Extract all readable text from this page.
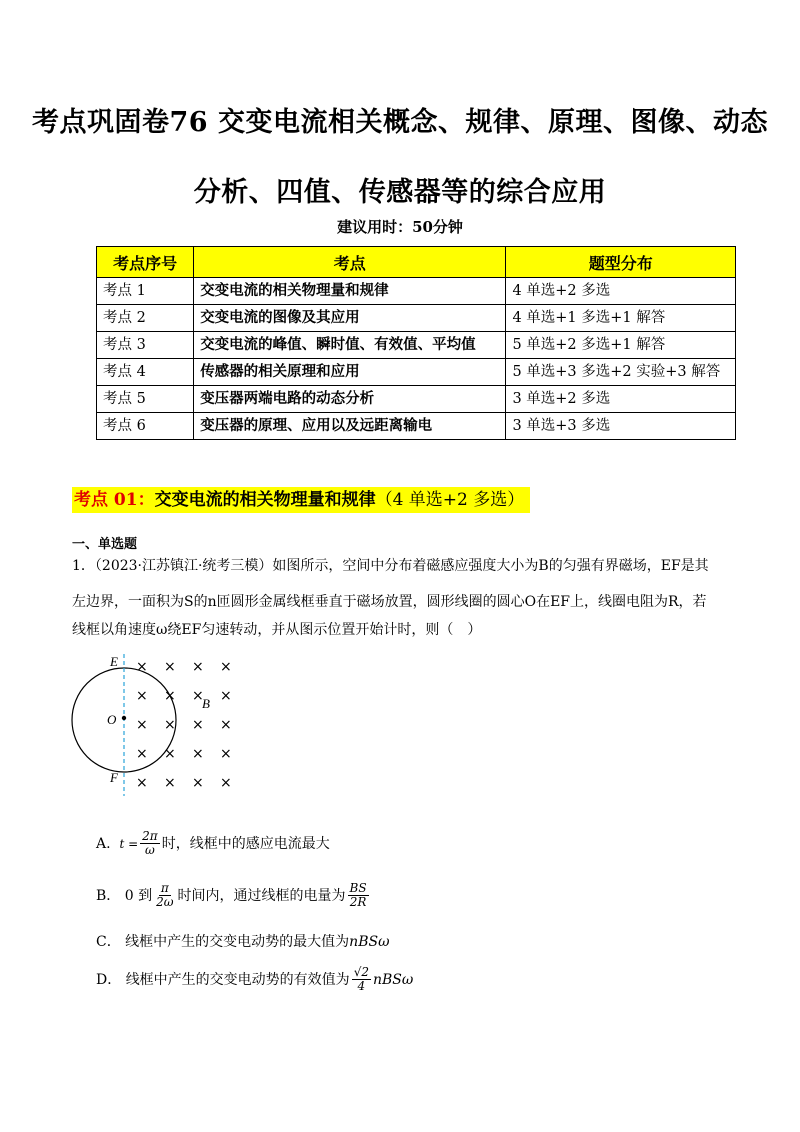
考点巩固卷76 交变电流相关概念、规律、原理、图像、动态
分析、四值、传感器等的综合应用
建议用时：50分钟
考点序号	考点	题型分布
考点 1	交变电流的相关物理量和规律	4 单选+2 多选
考点 2	交变电流的图像及其应用	4 单选+1 多选+1 解答
考点 3	交变电流的峰值、瞬时值、有效值、平均值	5 单选+2 多选+1 解答
考点 4	传感器的相关原理和应用	5 单选+3 多选+2 实验+3 解答
考点 5	变压器两端电路的动态分析	3 单选+2 多选
考点 6	变压器的原理、应用以及远距离输电	3 单选+3 多选
考点 01：交变电流的相关物理量和规律（4 单选+2 多选）
一、单选题
1．（2023·江苏镇江·统考三模）如图所示，空间中分布着磁感应强度大小为B的匀强有界磁场，EF是其
左边界，一面积为S的n匝圆形金属线框垂直于磁场放置，圆形线圈的圆心O在EF上，线圈电阻为R，若
线框以角速度ω绕EF匀速转动，并从图示位置开始计时，则（　）
E
F
O
B
× × × ×
× × × ×
× × × ×
× × × ×
× × × ×
A.
$t = \frac{2\pi}{\omega}$ 时，线框中的感应电流最大
B．
0 到 $\frac{\pi}{2\omega}$ 时间内，通过线框的电量为 $\frac{BS}{2R}$
C．
线框中产生的交变电动势的最大值为 nBSω
D．
线框中产生的交变电动势的有效值为 $\frac{√2}{4}$ nBSω
